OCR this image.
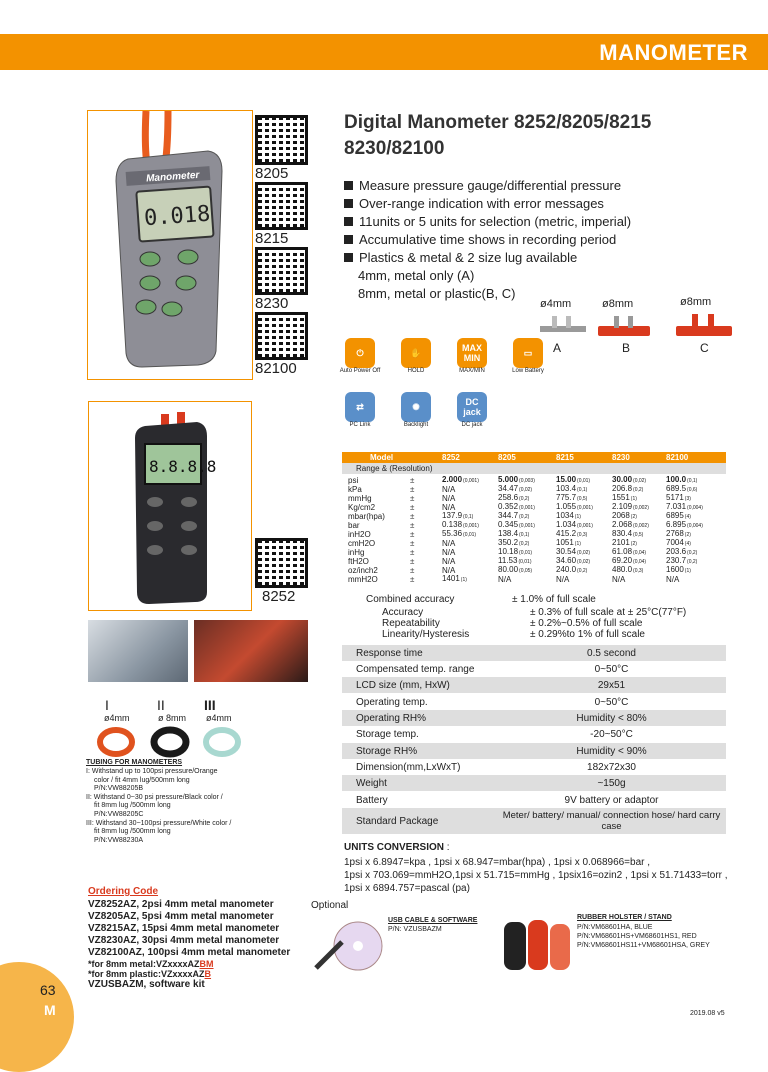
MANOMETER
Manometer
0.018
8205
8215
8230
82100
Digital Manometer 8252/8205/8215
8230/82100
Measure pressure gauge/differential pressure
Over-range indication with error messages
11units or 5 units for selection (metric, imperial)
Accumulative time shows in recording period
Plastics & metal & 2 size lug available
4mm, metal only (A)
8mm, metal or plastic(B, C)
ø4mm	ø8mm	ø8mm
A	B	C
⏻
Auto Power Off
✋
HOLD
MAX MIN
MAX/MIN
▭
Low Battery
⇄
PC Link
✺
Backlight
DC jack
DC jack
8.8.8.8
8252
Model	8252	8205	8215	8230	82100
Range & (Resolution)
psi	±	2.000(0,001)	5.000(0,003)	15.00(0,01)	30.00(0,02)	100.0(0,1)
kPa	±	N/A	34.47(0,02)	103.4(0,1)	206.8(0,2)	689.5(0,6)
mmHg	±	N/A	258.6(0,2)	775.7(0,5)	1551(1)	5171(3)
Kg/cm2	±	N/A	0.352(0,001)	1.055(0,001)	2.109(0,002)	7.031(0,004)
mbar(hpa)	±	137.9(0,1)	344.7(0,2)	1034(1)	2068(2)	6895(4)
bar	±	0.138(0,001)	0.345(0,001)	1.034(0,001)	2.068(0,002)	6.895(0,004)
inH2O	±	55.36(0,01)	138.4(0,1)	415.2(0,3)	830.4(0,5)	2768(2)
cmH2O	±	N/A	350.2(0,2)	1051(1)	2101(2)	7004(4)
inHg	±	N/A	10.18(0,01)	30.54(0,02)	61.08(0,04)	203.6(0,2)
ftH2O	±	N/A	11.53(0,01)	34.60(0,02)	69.20(0,04)	230.7(0,2)
oz/inch2	±	N/A	80.00(0,05)	240.0(0,2)	480.0(0,3)	1600(1)
mmH2O	±	1401(1)	N/A	N/A	N/A	N/A
Combined accuracy	± 1.0% of full scale
Accuracy	± 0.3% of full scale at ± 25°C(77°F)
Repeatability	± 0.2%~0.5% of full scale
Linearity/Hysteresis	± 0.29%to 1% of full scale
Response time	0.5 second
Compensated temp. range	0~50°C
LCD size (mm, HxW)	29x51
Operating temp.	0~50°C
Operating RH%	Humidity < 80%
Storage temp.	-20~50°C
Storage RH%	Humidity < 90%
Dimension(mm,LxWxT)	182x72x30
Weight	~150g
Battery	9V battery or adaptor
Standard Package	Meter/ battery/ manual/ connection hose/ hard carry case
UNITS CONVERSION :
1psi x 6.8947=kpa , 1psi x 68.947=mbar(hpa) , 1psi x 0.068966=bar ,
1psi x 703.069=mmH2O,1psi x 51.715=mmHg , 1psix16=ozin2 , 1psi x 51.71433=torr ,
1psi x 6894.757=pascal (pa)
I	II	III
ø4mm	ø 8mm ø4mm
TUBING FOR MANOMETERS
I: Withstand up to 100psi pressure/Orange
color / fit 4mm lug/500mm long
P/N:VW88205B
II: Withstand 0~30 psi pressure/Black color /
fit 8mm lug /500mm long
P/N:VW88205C
III: Withstand 30~100psi pressure/White color /
fit 8mm lug /500mm long
P/N:VW88230A
Ordering Code
VZ8252AZ, 2psi 4mm metal manometer
VZ8205AZ, 5psi 4mm metal manometer
VZ8215AZ, 15psi 4mm metal manometer
VZ8230AZ, 30psi 4mm metal manometer
VZ82100AZ, 100psi 4mm metal manometer
*for 8mm metal:VZxxxxAZBM
*for 8mm plastic:VZxxxxAZB
VZUSBAZM, software kit
Optional
USB CABLE & SOFTWARE
P/N: VZUSBAZM
RUBBER HOLSTER / STAND
P/N:VM68601HA, BLUE
P/N:VM68601HS+VM68601HS1, RED
P/N:VM68601HS11+VM68601HSA, GREY
63
M	2019.08 v5
